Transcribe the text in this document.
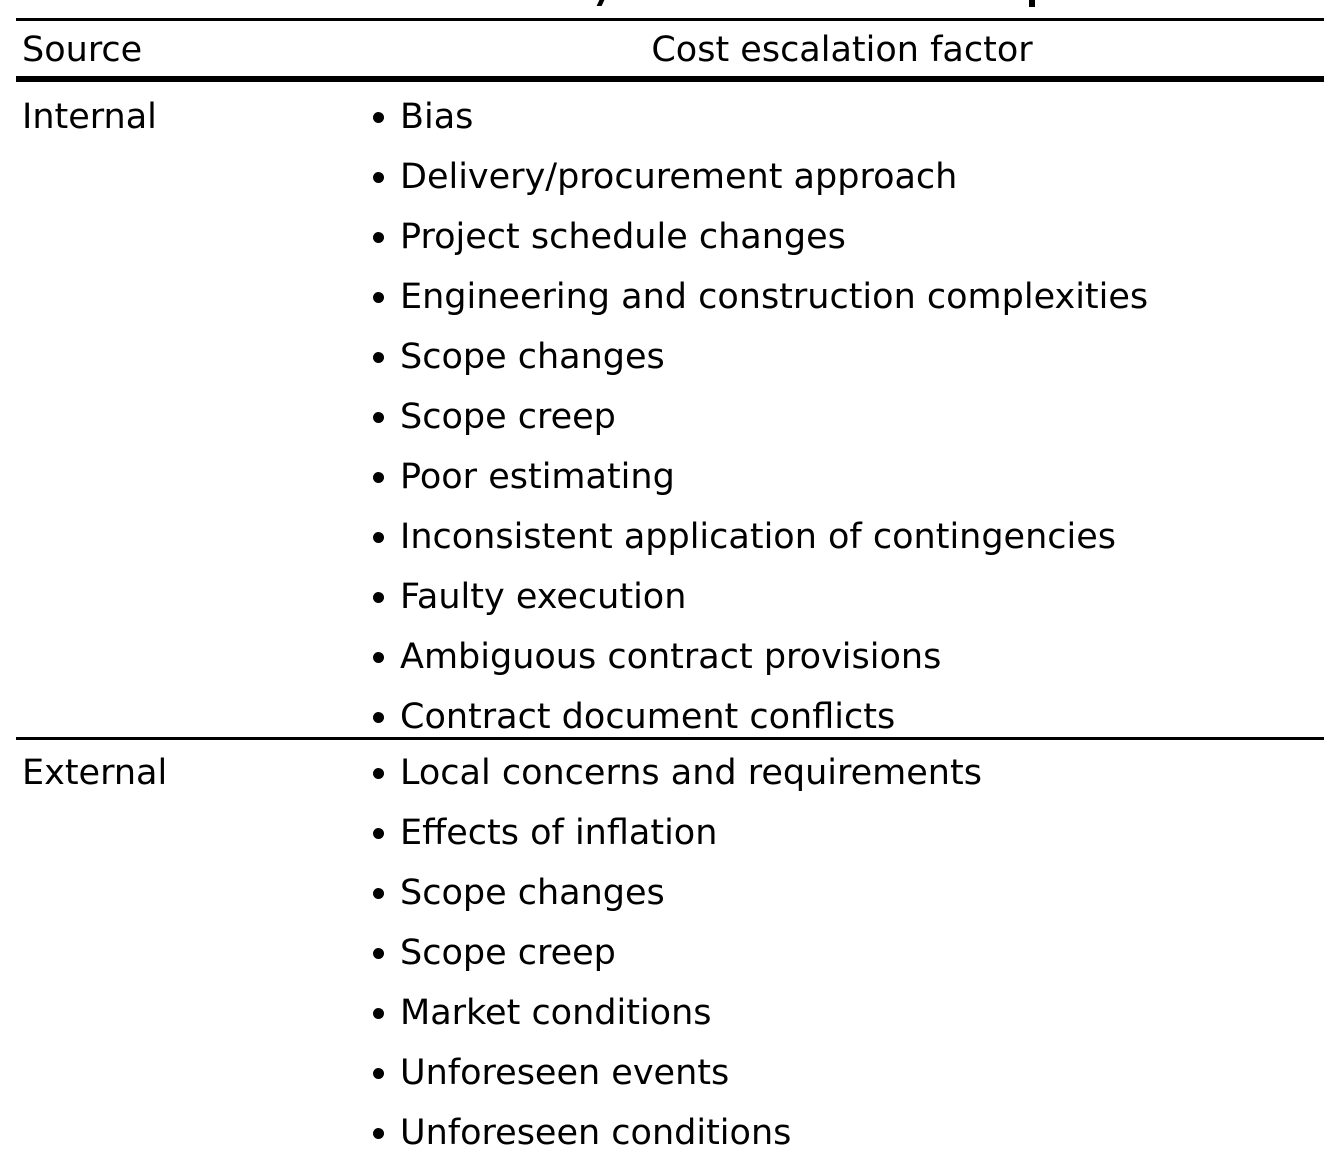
Source	Cost escalation factor
Internal	Bias
Delivery/procurement approach
Project schedule changes
Engineering and construction complexities
Scope changes
Scope creep
Poor estimating
Inconsistent application of contingencies
Faulty execution
Ambiguous contract provisions
Contract document conflicts
External	Local concerns and requirements
Effects of inflation
Scope changes
Scope creep
Market conditions
Unforeseen events
Unforeseen conditions
